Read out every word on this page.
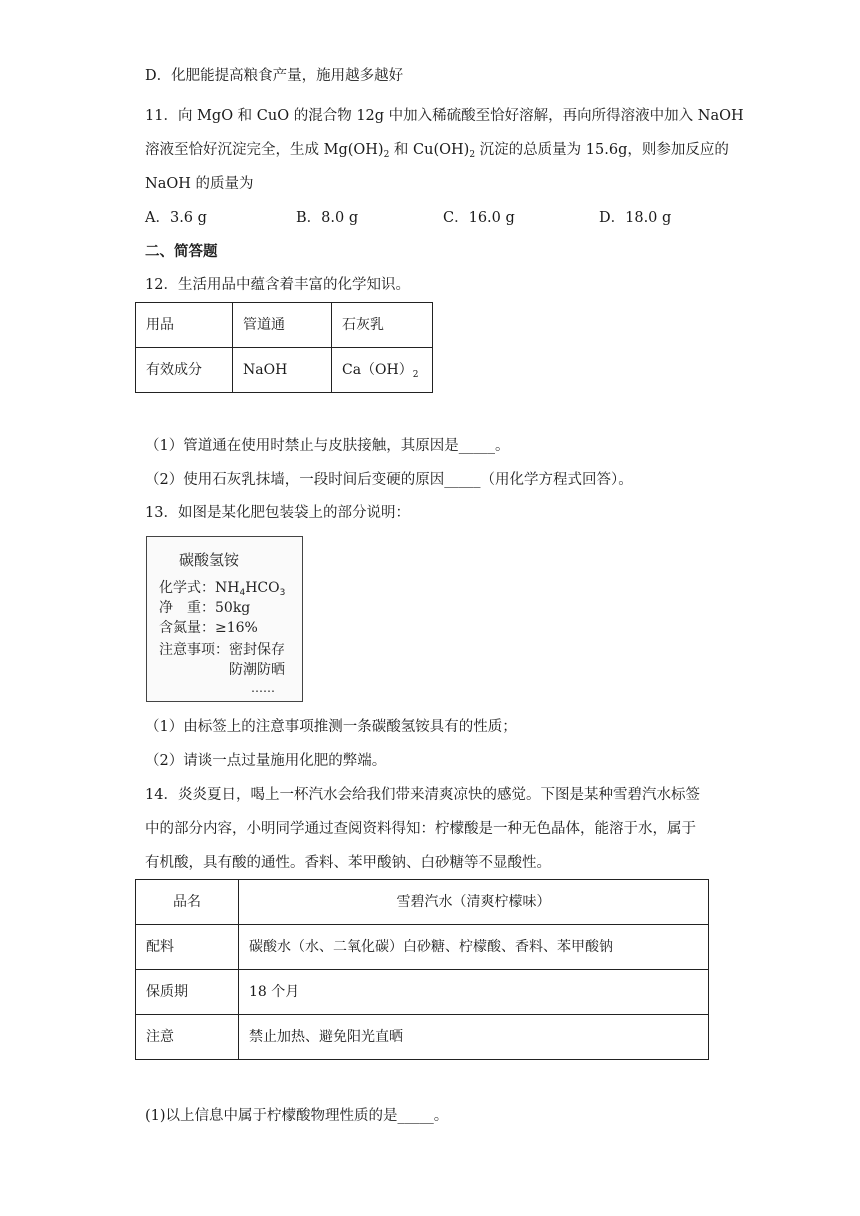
D．化肥能提高粮食产量，施用越多越好
11．向 MgO 和 CuO 的混合物 12g 中加入稀硫酸至恰好溶解，再向所得溶液中加入 NaOH
溶液至恰好沉淀完全，生成 $Mg(OH)_2$ 和 $Cu(OH)_2$ 沉淀的总质量为 15.6g，则参加反应的
NaOH 的质量为
A．3.6 g	B．8.0 g	C．16.0 g	D．18.0 g
二、简答题
12．生活用品中蕴含着丰富的化学知识。
用品	管道通	石灰乳
有效成分	NaOH	$Ca(OH)_2$
（1）管道通在使用时禁止与皮肤接触，其原因是_____。
（2）使用石灰乳抹墙，一段时间后变硬的原因_____（用化学方程式回答）。
13．如图是某化肥包装袋上的部分说明：
碳酸氢铵
化学式：$NH_4HCO_3$
净　重：50kg
含氮量：≥16%
注意事项：密封保存
防潮防晒
……
（1）由标签上的注意事项推测一条碳酸氢铵具有的性质；
（2）请谈一点过量施用化肥的弊端。
14．炎炎夏日，喝上一杯汽水会给我们带来清爽凉快的感觉。下图是某种雪碧汽水标签
中的部分内容，小明同学通过查阅资料得知：柠檬酸是一种无色晶体，能溶于水，属于
有机酸，具有酸的通性。香料、苯甲酸钠、白砂糖等不显酸性。
品名	雪碧汽水（清爽柠檬味）
配料	碳酸水（水、二氧化碳）白砂糖、柠檬酸、香料、苯甲酸钠
保质期	18 个月
注意	禁止加热、避免阳光直晒
(1)以上信息中属于柠檬酸物理性质的是_____。
